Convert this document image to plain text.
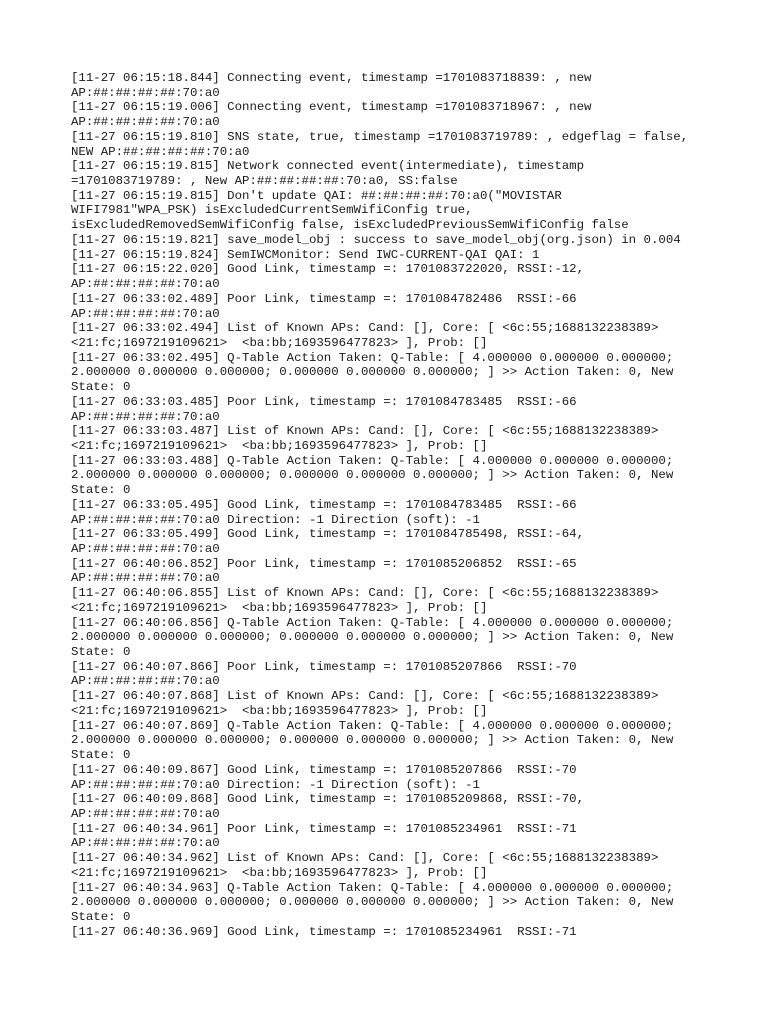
[11-27 06:15:18.844] Connecting event, timestamp =1701083718839: , new
AP:##:##:##:##:70:a0
[11-27 06:15:19.006] Connecting event, timestamp =1701083718967: , new
AP:##:##:##:##:70:a0
[11-27 06:15:19.810] SNS state, true, timestamp =1701083719789: , edgeflag = false,
NEW AP:##:##:##:##:70:a0
[11-27 06:15:19.815] Network connected event(intermediate), timestamp
=1701083719789: , New AP:##:##:##:##:70:a0, SS:false
[11-27 06:15:19.815] Don't update QAI: ##:##:##:##:70:a0("MOVISTAR
WIFI7981"WPA_PSK) isExcludedCurrentSemWifiConfig true,
isExcludedRemovedSemWifiConfig false, isExcludedPreviousSemWifiConfig false
[11-27 06:15:19.821] save_model_obj : success to save_model_obj(org.json) in 0.004
[11-27 06:15:19.824] SemIWCMonitor: Send IWC-CURRENT-QAI QAI: 1
[11-27 06:15:22.020] Good Link, timestamp =: 1701083722020, RSSI:-12,
AP:##:##:##:##:70:a0
[11-27 06:33:02.489] Poor Link, timestamp =: 1701084782486  RSSI:-66
AP:##:##:##:##:70:a0
[11-27 06:33:02.494] List of Known APs: Cand: [], Core: [ <6c:55;1688132238389>
<21:fc;1697219109621>  <ba:bb;1693596477823> ], Prob: []
[11-27 06:33:02.495] Q-Table Action Taken: Q-Table: [ 4.000000 0.000000 0.000000;
2.000000 0.000000 0.000000; 0.000000 0.000000 0.000000; ] >> Action Taken: 0, New
State: 0
[11-27 06:33:03.485] Poor Link, timestamp =: 1701084783485  RSSI:-66
AP:##:##:##:##:70:a0
[11-27 06:33:03.487] List of Known APs: Cand: [], Core: [ <6c:55;1688132238389>
<21:fc;1697219109621>  <ba:bb;1693596477823> ], Prob: []
[11-27 06:33:03.488] Q-Table Action Taken: Q-Table: [ 4.000000 0.000000 0.000000;
2.000000 0.000000 0.000000; 0.000000 0.000000 0.000000; ] >> Action Taken: 0, New
State: 0
[11-27 06:33:05.495] Good Link, timestamp =: 1701084783485  RSSI:-66
AP:##:##:##:##:70:a0 Direction: -1 Direction (soft): -1
[11-27 06:33:05.499] Good Link, timestamp =: 1701084785498, RSSI:-64,
AP:##:##:##:##:70:a0
[11-27 06:40:06.852] Poor Link, timestamp =: 1701085206852  RSSI:-65
AP:##:##:##:##:70:a0
[11-27 06:40:06.855] List of Known APs: Cand: [], Core: [ <6c:55;1688132238389>
<21:fc;1697219109621>  <ba:bb;1693596477823> ], Prob: []
[11-27 06:40:06.856] Q-Table Action Taken: Q-Table: [ 4.000000 0.000000 0.000000;
2.000000 0.000000 0.000000; 0.000000 0.000000 0.000000; ] >> Action Taken: 0, New
State: 0
[11-27 06:40:07.866] Poor Link, timestamp =: 1701085207866  RSSI:-70
AP:##:##:##:##:70:a0
[11-27 06:40:07.868] List of Known APs: Cand: [], Core: [ <6c:55;1688132238389>
<21:fc;1697219109621>  <ba:bb;1693596477823> ], Prob: []
[11-27 06:40:07.869] Q-Table Action Taken: Q-Table: [ 4.000000 0.000000 0.000000;
2.000000 0.000000 0.000000; 0.000000 0.000000 0.000000; ] >> Action Taken: 0, New
State: 0
[11-27 06:40:09.867] Good Link, timestamp =: 1701085207866  RSSI:-70
AP:##:##:##:##:70:a0 Direction: -1 Direction (soft): -1
[11-27 06:40:09.868] Good Link, timestamp =: 1701085209868, RSSI:-70,
AP:##:##:##:##:70:a0
[11-27 06:40:34.961] Poor Link, timestamp =: 1701085234961  RSSI:-71
AP:##:##:##:##:70:a0
[11-27 06:40:34.962] List of Known APs: Cand: [], Core: [ <6c:55;1688132238389>
<21:fc;1697219109621>  <ba:bb;1693596477823> ], Prob: []
[11-27 06:40:34.963] Q-Table Action Taken: Q-Table: [ 4.000000 0.000000 0.000000;
2.000000 0.000000 0.000000; 0.000000 0.000000 0.000000; ] >> Action Taken: 0, New
State: 0
[11-27 06:40:36.969] Good Link, timestamp =: 1701085234961  RSSI:-71
